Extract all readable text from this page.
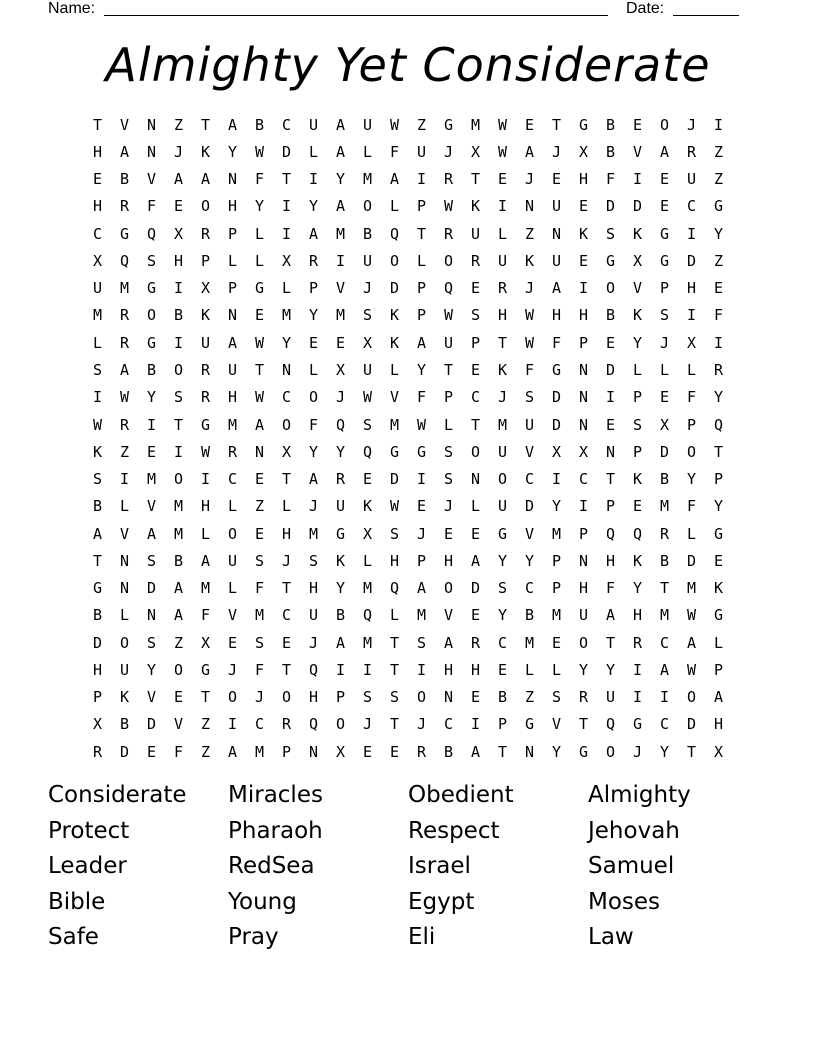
Name:	Date:
Almighty Yet Considerate
T	V	N	Z	T	A	B	C	U	A	U	W	Z	G	M	W	E	T	G	B	E	O	J	I
H	A	N	J	K	Y	W	D	L	A	L	F	U	J	X	W	A	J	X	B	V	A	R	Z
E	B	V	A	A	N	F	T	I	Y	M	A	I	R	T	E	J	E	H	F	I	E	U	Z
H	R	F	E	O	H	Y	I	Y	A	O	L	P	W	K	I	N	U	E	D	D	E	C	G
C	G	Q	X	R	P	L	I	A	M	B	Q	T	R	U	L	Z	N	K	S	K	G	I	Y
X	Q	S	H	P	L	L	X	R	I	U	O	L	O	R	U	K	U	E	G	X	G	D	Z
U	M	G	I	X	P	G	L	P	V	J	D	P	Q	E	R	J	A	I	O	V	P	H	E
M	R	O	B	K	N	E	M	Y	M	S	K	P	W	S	H	W	H	H	B	K	S	I	F
L	R	G	I	U	A	W	Y	E	E	X	K	A	U	P	T	W	F	P	E	Y	J	X	I
S	A	B	O	R	U	T	N	L	X	U	L	Y	T	E	K	F	G	N	D	L	L	L	R
I	W	Y	S	R	H	W	C	O	J	W	V	F	P	C	J	S	D	N	I	P	E	F	Y
W	R	I	T	G	M	A	O	F	Q	S	M	W	L	T	M	U	D	N	E	S	X	P	Q
K	Z	E	I	W	R	N	X	Y	Y	Q	G	G	S	O	U	V	X	X	N	P	D	O	T
S	I	M	O	I	C	E	T	A	R	E	D	I	S	N	O	C	I	C	T	K	B	Y	P
B	L	V	M	H	L	Z	L	J	U	K	W	E	J	L	U	D	Y	I	P	E	M	F	Y
A	V	A	M	L	O	E	H	M	G	X	S	J	E	E	G	V	M	P	Q	Q	R	L	G
T	N	S	B	A	U	S	J	S	K	L	H	P	H	A	Y	Y	P	N	H	K	B	D	E
G	N	D	A	M	L	F	T	H	Y	M	Q	A	O	D	S	C	P	H	F	Y	T	M	K
B	L	N	A	F	V	M	C	U	B	Q	L	M	V	E	Y	B	M	U	A	H	M	W	G
D	O	S	Z	X	E	S	E	J	A	M	T	S	A	R	C	M	E	O	T	R	C	A	L
H	U	Y	O	G	J	F	T	Q	I	I	T	I	H	H	E	L	L	Y	Y	I	A	W	P
P	K	V	E	T	O	J	O	H	P	S	S	O	N	E	B	Z	S	R	U	I	I	O	A
X	B	D	V	Z	I	C	R	Q	O	J	T	J	C	I	P	G	V	T	Q	G	C	D	H
R	D	E	F	Z	A	M	P	N	X	E	E	R	B	A	T	N	Y	G	O	J	Y	T	X
Considerate	Miracles	Obedient	Almighty
Protect	Pharaoh	Respect	Jehovah
Leader	RedSea	Israel	Samuel
Bible	Young	Egypt	Moses
Safe	Pray	Eli	Law
